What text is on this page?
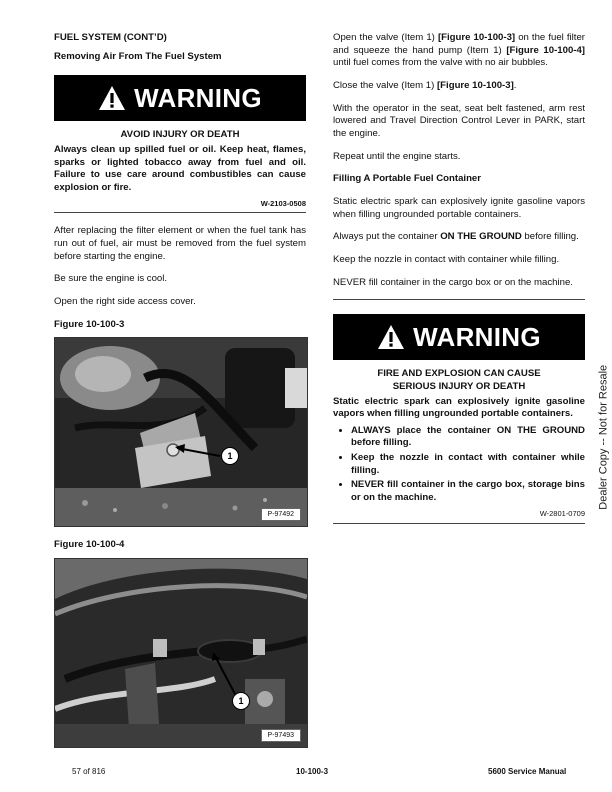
FUEL SYSTEM (CONT’D)

Removing Air From The Fuel System

WARNING

AVOID INJURY OR DEATH

Always clean up spilled fuel or oil. Keep heat, flames, sparks or lighted tobacco away from fuel and oil. Failure to use care around combustibles can cause explosion or fire.

W-2103-0508

After replacing the filter element or when the fuel tank has run out of fuel, air must be removed from the fuel system before starting the engine.

Be sure the engine is cool.

Open the right side access cover.

Figure 10-100-3

1
P-97492

Figure 10-100-4

1
P-97493

Open the valve (Item 1) [Figure 10-100-3] on the fuel filter and squeeze the hand pump (Item 1) [Figure 10-100-4] until fuel comes from the valve with no air bubbles.

Close the valve (Item 1) [Figure 10-100-3].

With the operator in the seat, seat belt fastened, arm rest lowered and Travel Direction Control Lever in PARK, start the engine.

Repeat until the engine starts.

Filling A Portable Fuel Container

Static electric spark can explosively ignite gasoline vapors when filling ungrounded portable containers.

Always put the container ON THE GROUND before filling.

Keep the nozzle in contact with container while filling.

NEVER fill container in the cargo box or on the machine.

WARNING

FIRE AND EXPLOSION CAN CAUSE

SERIOUS INJURY OR DEATH

Static electric spark can explosively ignite gasoline vapors when filling ungrounded portable containers.

• ALWAYS place the container ON THE GROUND before filling.
• Keep the nozzle in contact with container while filling.
• NEVER fill container in the cargo box, storage bins or on the machine.

W-2801-0709

Dealer Copy -- Not for Resale
57 of 816	10-100-3	5600 Service Manual
